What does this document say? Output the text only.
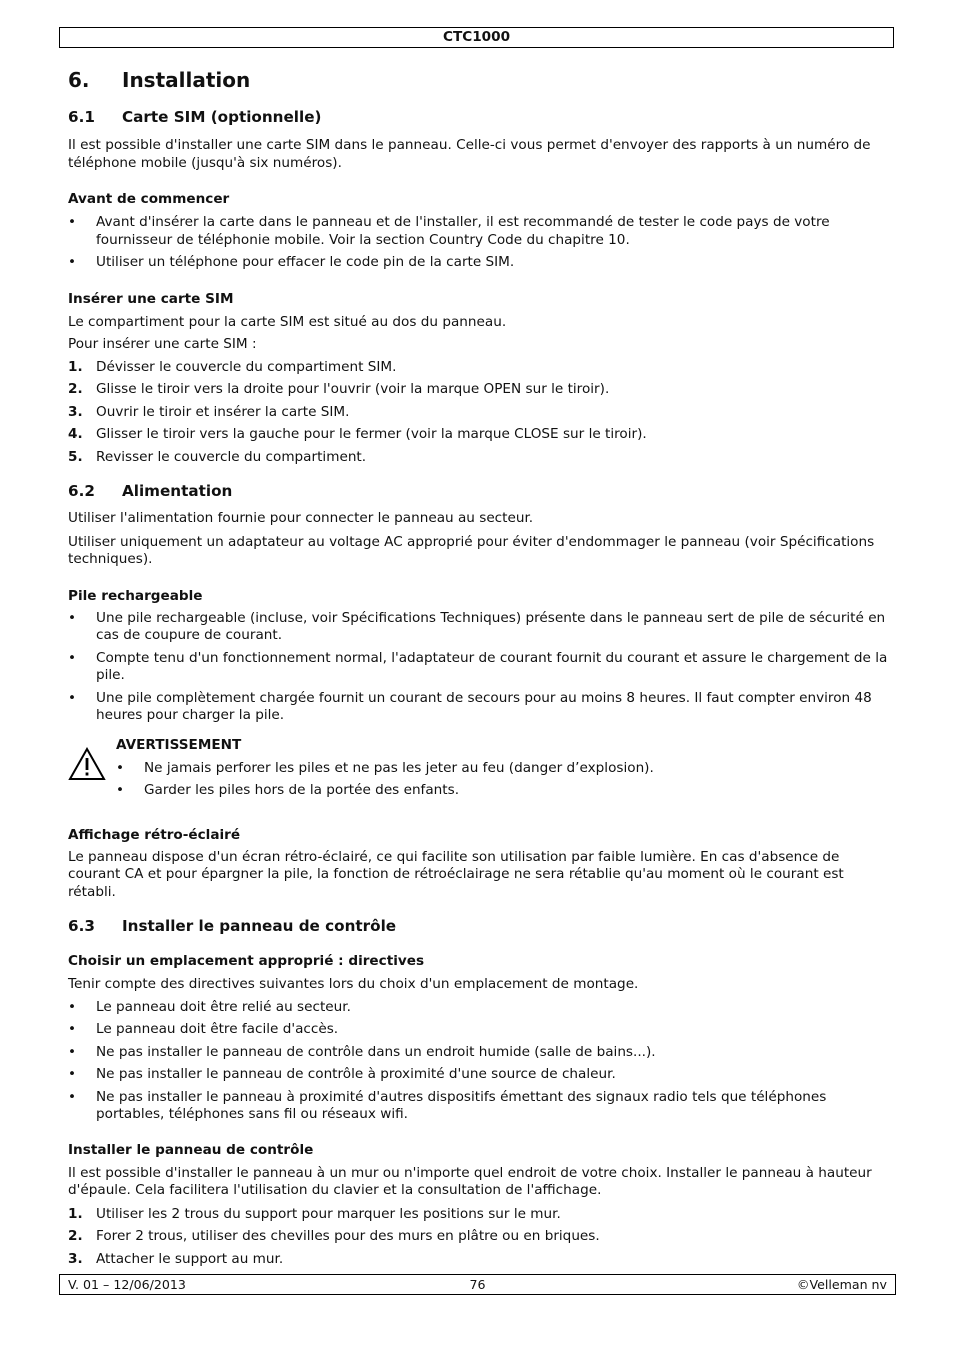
CTC1000
6.	Installation
6.1	Carte SIM (optionnelle)

Il est possible d'installer une carte SIM dans le panneau. Celle-ci vous permet d'envoyer des rapports à un numéro de téléphone mobile (jusqu'à six numéros).

Avant de commencer
•	Avant d'insérer la carte dans le panneau et de l'installer, il est recommandé de tester le code pays de votre fournisseur de téléphonie mobile. Voir la section Country Code du chapitre 10.
•	Utiliser un téléphone pour effacer le code pin de la carte SIM.
Insérer une carte SIM

Le compartiment pour la carte SIM est situé au dos du panneau.

Pour insérer une carte SIM :

1. Dévisser le couvercle du compartiment SIM.
2. Glisse le tiroir vers la droite pour l'ouvrir (voir la marque OPEN sur le tiroir).
3. Ouvrir le tiroir et insérer la carte SIM.
4. Glisser le tiroir vers la gauche pour le fermer (voir la marque CLOSE sur le tiroir).
5. Revisser le couvercle du compartiment.
6.2	Alimentation

Utiliser l'alimentation fournie pour connecter le panneau au secteur.

Utiliser uniquement un adaptateur au voltage AC approprié pour éviter d'endommager le panneau (voir Spécifications techniques).

Pile rechargeable
•	Une pile rechargeable (incluse, voir Spécifications Techniques) présente dans le panneau sert de pile de sécurité en cas de coupure de courant.
•	Compte tenu d'un fonctionnement normal, l'adaptateur de courant fournit du courant et assure le chargement de la pile.
•	Une pile complètement chargée fournit un courant de secours pour au moins 8 heures. Il faut compter environ 48 heures pour charger la pile.
AVERTISSEMENT
•	Ne jamais perforer les piles et ne pas les jeter au feu (danger d’explosion).
•	Garder les piles hors de la portée des enfants.
Affichage rétro-éclairé

Le panneau dispose d'un écran rétro-éclairé, ce qui facilite son utilisation par faible lumière. En cas d'absence de courant CA et pour épargner la pile, la fonction de rétroéclairage ne sera rétablie qu'au moment où le courant est rétabli.

6.3	Installer le panneau de contrôle
Choisir un emplacement approprié : directives

Tenir compte des directives suivantes lors du choix d'un emplacement de montage.

•	Le panneau doit être relié au secteur.
•	Le panneau doit être facile d'accès.
•	Ne pas installer le panneau de contrôle dans un endroit humide (salle de bains...).
•	Ne pas installer le panneau de contrôle à proximité d'une source de chaleur.
•	Ne pas installer le panneau à proximité d'autres dispositifs émettant des signaux radio tels que téléphones portables, téléphones sans fil ou réseaux wifi.
Installer le panneau de contrôle

Il est possible d'installer le panneau à un mur ou n'importe quel endroit de votre choix. Installer le panneau à hauteur d'épaule. Cela facilitera l'utilisation du clavier et la consultation de l'affichage.

1. Utiliser les 2 trous du support pour marquer les positions sur le mur.
2. Forer 2 trous, utiliser des chevilles pour des murs en plâtre ou en briques.
3. Attacher le support au mur.
V. 01 – 12/06/2013	76	©Velleman nv
